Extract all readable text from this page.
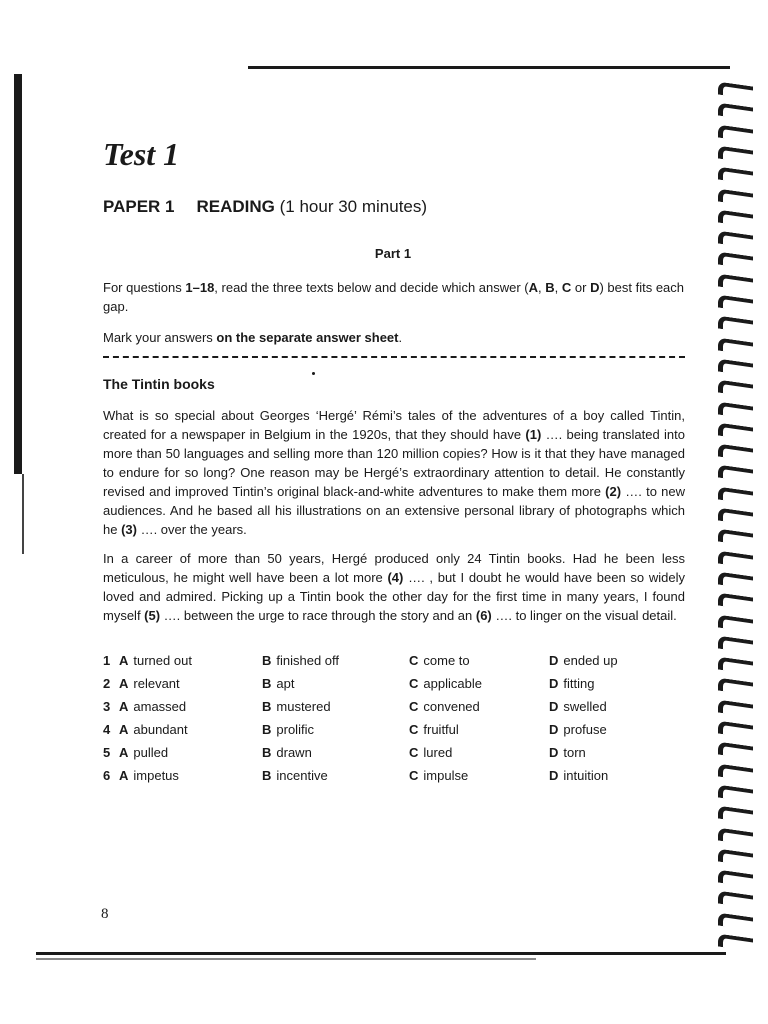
Test 1
PAPER 1 READING (1 hour 30 minutes)
Part 1
For questions 1–18, read the three texts below and decide which answer (A, B, C or D) best fits each gap.
Mark your answers on the separate answer sheet.
The Tintin books
What is so special about Georges ‘Hergé’ Rémi’s tales of the adventures of a boy called Tintin, created for a newspaper in Belgium in the 1920s, that they should have (1) …. being translated into more than 50 languages and selling more than 120 million copies? How is it that they have managed to endure for so long? One reason may be Hergé’s extraordinary attention to detail. He constantly revised and improved Tintin’s original black-and-white adventures to make them more (2) …. to new audiences. And he based all his illustrations on an extensive personal library of photographs which he (3) …. over the years.
In a career of more than 50 years, Hergé produced only 24 Tintin books. Had he been less meticulous, he might well have been a lot more (4) …. , but I doubt he would have been so widely loved and admired. Picking up a Tintin book the other day for the first time in many years, I found myself (5) …. between the urge to race through the story and an (6) …. to linger on the visual detail.
1 A turned out	B finished off	C come to	D ended up
2 A relevant	B apt	C applicable	D fitting
3 A amassed	B mustered	C convened	D swelled
4 A abundant	B prolific	C fruitful	D profuse
5 A pulled	B drawn	C lured	D torn
6 A impetus	B incentive	C impulse	D intuition
8
